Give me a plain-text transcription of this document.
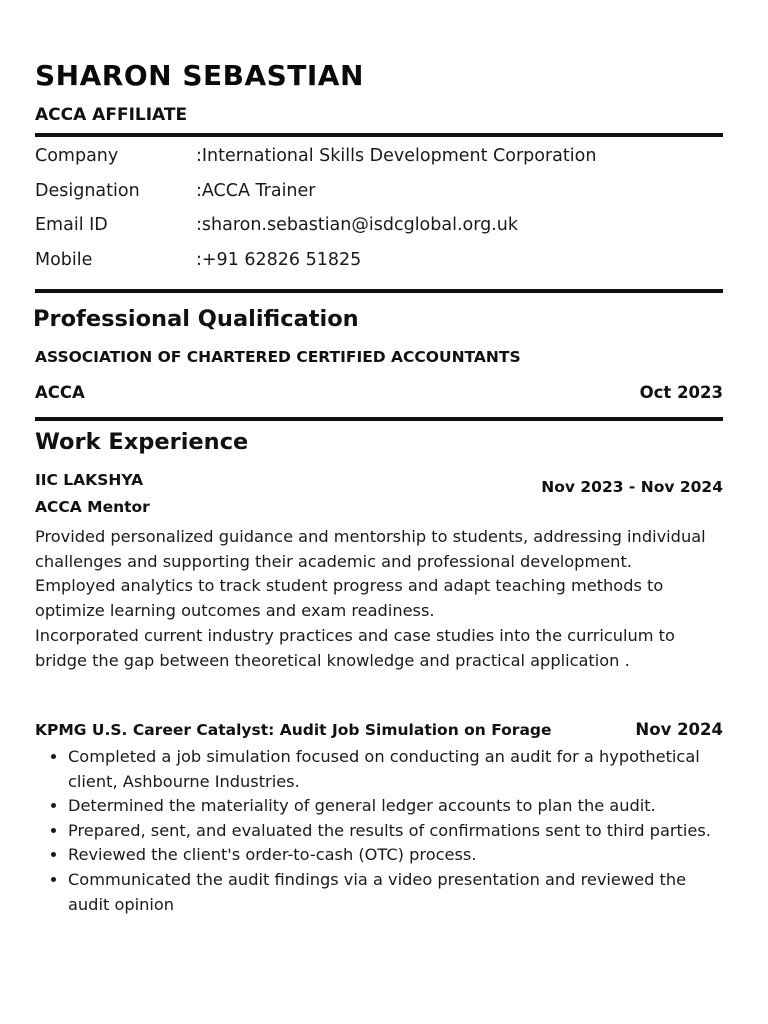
SHARON SEBASTIAN
ACCA AFFILIATE
Company	:International Skills Development Corporation
Designation	:ACCA Trainer
Email ID	:sharon.sebastian@isdcglobal.org.uk
Mobile	:+91 62826 51825
Professional Qualification
ASSOCIATION OF CHARTERED CERTIFIED ACCOUNTANTS
ACCA	Oct 2023
Work Experience
IIC LAKSHYA
ACCA Mentor
Nov 2023 - Nov 2024

Provided personalized guidance and mentorship to students, addressing individual challenges and supporting their academic and professional development.

Employed analytics to track student progress and adapt teaching methods to optimize learning outcomes and exam readiness.

Incorporated current industry practices and case studies into the curriculum to bridge the gap between theoretical knowledge and practical application .

KPMG U.S. Career Catalyst: Audit Job Simulation on Forage	Nov 2024
• Completed a job simulation focused on conducting an audit for a hypothetical client, Ashbourne Industries.
• Determined the materiality of general ledger accounts to plan the audit.
• Prepared, sent, and evaluated the results of confirmations sent to third parties.
• Reviewed the client's order-to-cash (OTC) process.
• Communicated the audit findings via a video presentation and reviewed the audit opinion
